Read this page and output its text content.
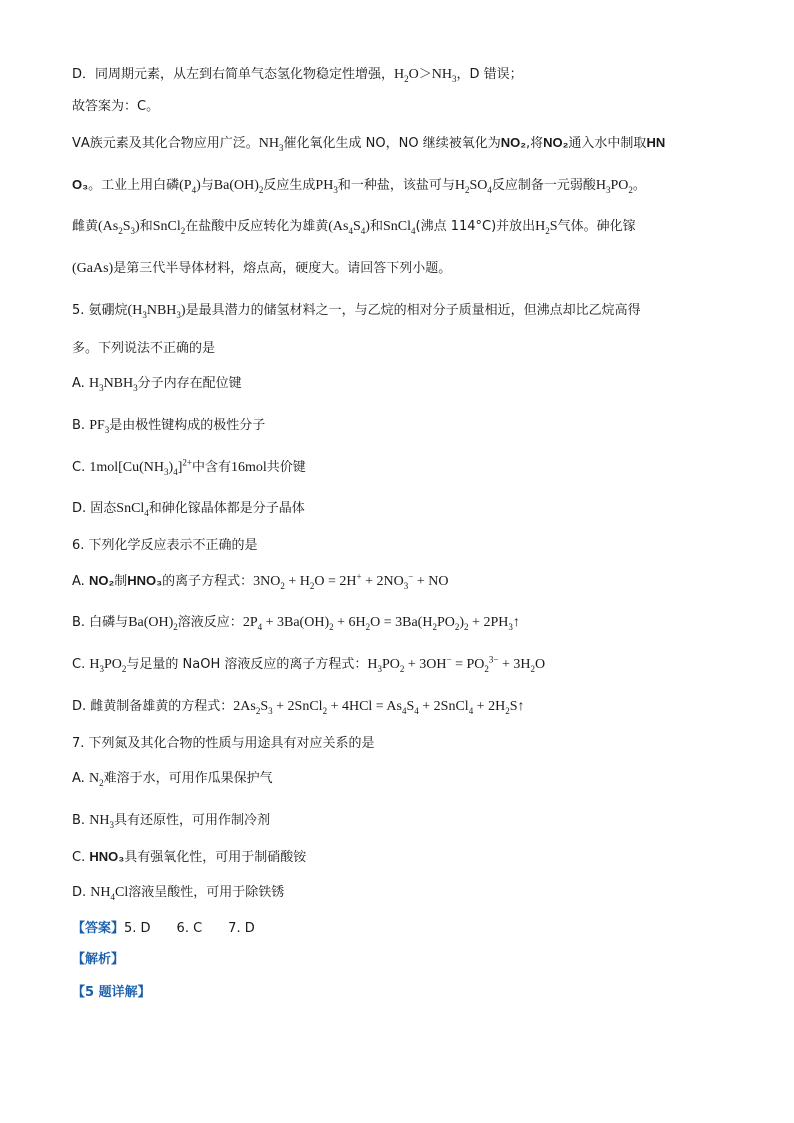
D．同周期元素，从左到右简单气态氢化物稳定性增强，$H_2O>NH_3$，D 错误；
故答案为：C。
ⅤA族元素及其化合物应用广泛。$NH_3$催化氧化生成 NO，NO 继续被氧化为NO₂,将NO₂通入水中制取HN
O₃。工业上用白磷$(P_4)$与$Ba(OH)_2$反应生成$PH_3$和一种盐，该盐可与$H_2SO_4$反应制备一元弱酸$H_3PO_2$。
雌黄$(As_2S_3)$和SnCl$_2$在盐酸中反应转化为雄黄$(As_4S_4)$和SnCl$_4$(沸点 114°C)并放出$H_2S$气体。砷化镓
(GaAs)是第三代半导体材料，熔点高，硬度大。请回答下列小题。
5. 氨硼烷$(H_3NBH_3)$是最具潜力的储氢材料之一，与乙烷的相对分子质量相近，但沸点却比乙烷高得
多。下列说法不正确的是
A. $H_3NBH_3$分子内存在配位键
B. $PF_3$是由极性键构成的极性分子
C. $1mol[Cu(NH_3)_4]^{2+}$中含有16mol共价键
D. 固态SnCl$_4$和砷化镓晶体都是分子晶体
6. 下列化学反应表示不正确的是
A. NO₂制HNO₃的离子方程式：$3NO_2 + H_2O = 2H^+ + 2NO_3^-$ + NO
B. 白磷与$Ba(OH)_2$溶液反应：$2P_4 + 3Ba(OH)_2 + 6H_2O = 3Ba(H_2PO_2)_2$ + $2PH_3↑$
C. $H_3PO_2$与足量的 NaOH 溶液反应的离子方程式：$H_3PO_2 + 3OH^- = PO_2^{3-} + 3H_2O$
D. 雌黄制备雄黄的方程式：$2As_2S_3$ + 2SnCl$_2$ + $4HCl = As_4S_4$ + 2SnCl$_4$ + $2H_2S↑$
7. 下列氮及其化合物的性质与用途具有对应关系的是
A. $N_2$难溶于水，可用作瓜果保护气
B. $NH_3$具有还原性，可用作制冷剂
C. HNO₃具有强氧化性，可用于制硝酸铵
D. $NH_4Cl$溶液呈酸性，可用于除铁锈
【答案】5. D　　6. C　　7. D
【解析】
【5 题详解】
